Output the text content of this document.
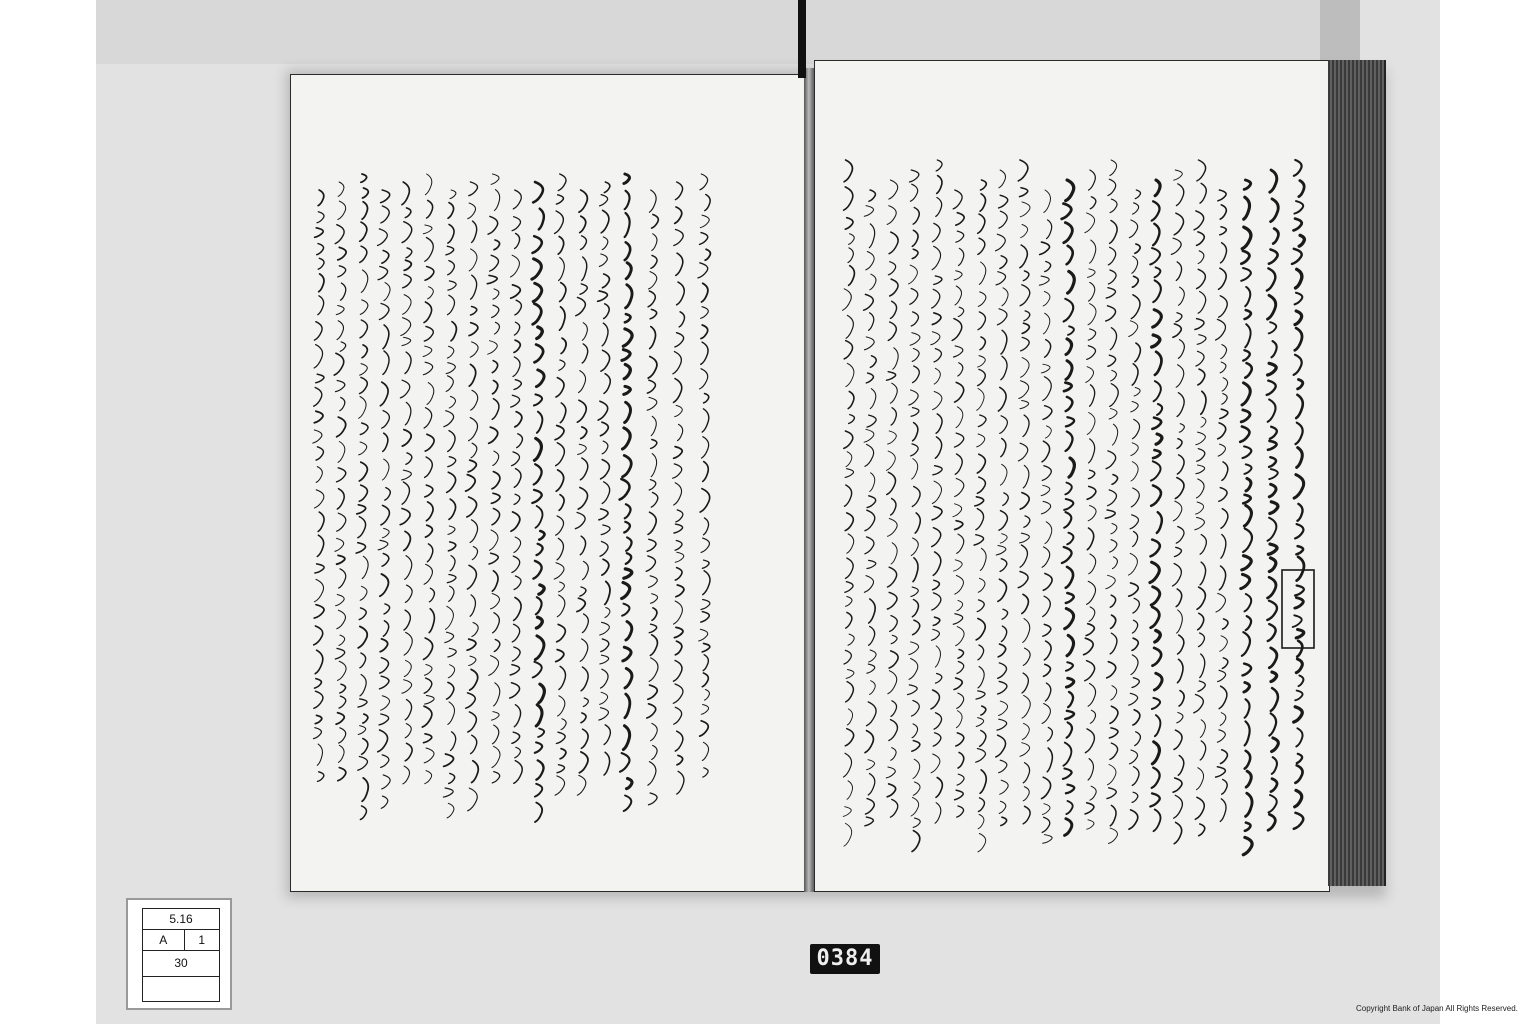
5.16
A	1
30	0384
Copyright Bank of Japan All Rights Reserved.
